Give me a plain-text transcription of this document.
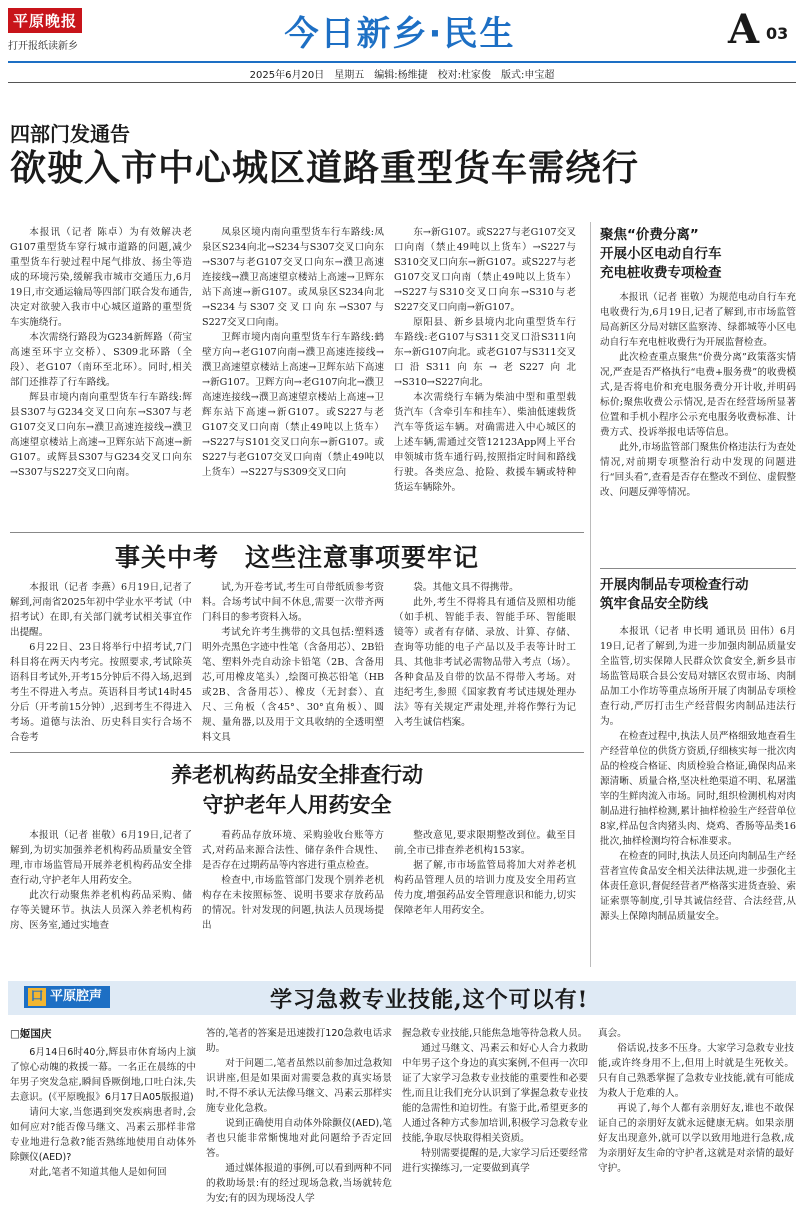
平原晚报
打开报纸读新乡	今日新乡·民生	A 03
2025年6月20日　星期五　编辑:杨维捷　校对:杜家俊　版式:申宝超
四部门发通告
欲驶入市中心城区道路重型货车需绕行

本报讯（记者 陈卓）为有效解决老G107重型货车穿行城市道路的问题,减少重型货车行驶过程中尾气排放、扬尘等造成的环境污染,缓解我市城市交通压力,6月19日,市交通运输局等四部门联合发布通告,决定对欲驶入我市中心城区道路的重型货车实施绕行。

本次需绕行路段为G234新辉路（荷宝高速至环宇立交桥）、S309北环路（全段）、老G107（南环至北环）。同时,相关部门还推荐了行车路线。

辉县市境内南向重型货车行车路线:辉县S307与G234交叉口向东→S307与老G107交叉口向东→濮卫高速连接线→濮卫高速望京楼站上高速→卫辉东站下高速→新G107。或辉县S307与G234交叉口向东→S307与S227交叉口向南。

凤泉区境内南向重型货车行车路线:凤泉区S234向北→S234与S307交叉口向东→S307与老G107交叉口向东→濮卫高速连接线→濮卫高速望京楼站上高速→卫辉东站下高速→新G107。或凤泉区S234向北→S234与S307交叉口向东→S307与S227交叉口向南。

卫辉市境内南向重型货车行车路线:鹤壁方向→老G107向南→濮卫高速连接线→濮卫高速望京楼站上高速→卫辉东站下高速→新G107。卫辉方向→老G107向北→濮卫高速连接线→濮卫高速望京楼站上高速→卫辉东站下高速→新G107。或S227与老G107交叉口向南（禁止49吨以上货车）→S227与S101交叉口向东→新G107。或S227与老G107交叉口向南（禁止49吨以上货车）→S227与S309交叉口向

东→新G107。或S227与老G107交叉口向南（禁止49吨以上货车）→S227与S310交叉口向东→新G107。或S227与老G107交叉口向南（禁止49吨以上货车）→S227与S310交叉口向东→S310与老S227交叉口向南→新G107。

原阳县、新乡县境内北向重型货车行车路线:老G107与S311交叉口沿S311向东→新G107向北。或老G107与S311交叉口沿S311向东→老S227向北→S310→S227向北。

本次需绕行车辆为柴油中型和重型载货汽车（含牵引车和挂车）、柴油低速载货汽车等货运车辆。对确需进入中心城区的上述车辆,需通过交管12123App网上平台申领城市货车通行码,按照指定时间和路线行驶。各类应急、抢险、救援车辆或特种货运车辆除外。

聚焦“价费分离”
开展小区电动自行车
充电桩收费专项检查

本报讯（记者 崔敬）为规范电动自行车充电收费行为,6月19日,记者了解到,市市场监管局高新区分局对辖区监察涛、绿都城等小区电动自行车充电桩收费行为开展监督检查。

此次检查重点聚焦“价费分离”政策落实情况,严查是否严格执行“电费+服务费”的收费模式,是否将电价和充电服务费分开计收,并明码标价;聚焦收费公示情况,是否在经营场所显著位置和手机小程序公示充电服务收费标准、计费方式、投诉举报电话等信息。

此外,市场监管部门聚焦价格违法行为查处情况,对前期专项整治行动中发现的问题进行“回头看”,查看是否存在整改不到位、虚假整改、问题反弹等情况。

事关中考　这些注意事项要牢记

本报讯（记者 李燕）6月19日,记者了解到,河南省2025年初中学业水平考试（中招考试）在即,有关部门就考试相关事宜作出提醒。

6月22日、23日将举行中招考试,7门科目将在两天内考完。按照要求,考试除英语科目考试外,开考15分钟后不得入场,迟到考生不得进入考点。英语科目考试14时45分后（开考前15分钟）,迟到考生不得进入考场。道德与法治、历史科目实行合场不合卷考

试,为开卷考试,考生可自带纸质参考资料。合场考试中间不休息,需要一次带齐两门科目的参考资料入场。

考试允许考生携带的文具包括:塑料透明外壳黑色字迹中性笔（含备用芯）、2B铅笔、塑料外壳自动涂卡铅笔（2B、含备用芯,可用橡皮笔头）,绘图可换芯铅笔（HB或2B、含备用芯）、橡皮（无封套）、直尺、三角板（含45°、30°直角板）、圆规、量角器,以及用于文具收纳的全透明塑料文具

袋。其他文具不得携带。

此外,考生不得将具有通信及照相功能（如手机、智能手表、智能手环、智能眼镜等）或者有存储、录放、计算、存储、查询等功能的电子产品以及手表等计时工具、其他非考试必需物品带入考点（场）。各种食品及自带的饮品不得带入考场。对违纪考生,参照《国家教育考试违规处理办法》等有关规定严肃处理,并将作弊行为记入考生诚信档案。

开展肉制品专项检查行动
筑牢食品安全防线

本报讯（记者 申长明 通讯员 田伟）6月19日,记者了解到,为进一步加强肉制品质量安全监管,切实保障人民群众饮食安全,新乡县市场监管局联合县公安局对辖区农贸市场、肉制品加工小作坊等重点场所开展了肉制品专项检查行动,严厉打击生产经营假劣肉制品违法行为。

在检查过程中,执法人员严格细致地查看生产经营单位的供货方资质,仔细核实每一批次肉品的检疫合格证、肉质检验合格证,确保肉品来源清晰、质量合格,坚决杜绝渠道不明、私屠滥宰的生鲜肉流入市场。同时,组织检测机构对肉制品进行抽样检测,累计抽样检验生产经营单位8家,样品包含肉猪头肉、烧鸡、香肠等品类16批次,抽样检测均符合标准要求。

在检查的同时,执法人员还向肉制品生产经营者宣传食品安全相关法律法规,进一步强化主体责任意识,督促经营者严格落实进货查验、索证索票等制度,引导其诚信经营、合法经营,从源头上保障肉制品质量安全。

养老机构药品安全排查行动
守护老年人用药安全

本报讯（记者 崔敬）6月19日,记者了解到,为切实加强养老机构药品质量安全管理,市市场监管局开展养老机构药品安全排查行动,守护老年人用药安全。

此次行动聚焦养老机构药品采购、储存等关键环节。执法人员深入养老机构药房、医务室,通过实地查

看药品存放环境、采购验收台账等方式,对药品来源合法性、储存条件合规性、是否存在过期药品等内容进行重点检查。

检查中,市场监管部门发现个别养老机构存在未按照标签、说明书要求存放药品的情况。针对发现的问题,执法人员现场提出

整改意见,要求限期整改到位。截至目前,全市已排查养老机构153家。

据了解,市市场监管局将加大对养老机构药品管理人员的培训力度及安全用药宣传力度,增强药品安全管理意识和能力,切实保障老年人用药安全。

平原腔声
口	学习急救专业技能,这个可以有!
□姬国庆

6月14日6时40分,辉县市休育场内上演了惊心动魄的救援一幕。一名正在晨练的中年男子突发急症,瞬间昏厥倒地,口吐白沫,失去意识。(《平原晚报》6月17日A05版报道)

请问大家,当您遇到突发疾病患者时,会如何应对?能否像马继文、冯素云那样非常专业地进行急救?能否熟练地使用自动体外除颤仪(AED)?

对此,笔者不知道其他人是如何回

答的,笔者的答案是迅速拨打120急救电话求助。

对于问题二,笔者虽然以前参加过急救知识讲座,但是如果面对需要急救的真实场景时,不得不承认无法像马继文、冯素云那样实施专业化急救。

说到正确使用自动体外除颤仪(AED),笔者也只能非常惭愧地对此问题给予否定回答。

通过媒体报道的事例,可以看到两种不同的救助场景:有的经过现场急救,当场就转危为安;有的因为现场没人学

握急救专业技能,只能焦急地等待急救人员。

通过马继文、冯素云和好心人合力救助中年男子这个身边的真实案例,不但再一次印证了大家学习急救专业技能的重要性和必要性,而且让我们充分认识到了掌握急救专业技能的急需性和迫切性。有鉴于此,希望更多的人通过各种方式参加培训,积极学习急救专业技能,争取尽快取得相关资质。

特别需要提醒的是,大家学习后还要经常进行实操练习,一定要做到真学

真会。

俗话说,技多不压身。大家学习急救专业技能,或许终身用不上,但用上时就是生死攸关。只有自己熟悉掌握了急救专业技能,就有可能成为救人于危难的人。

再说了,每个人都有亲朋好友,谁也不敢保证自己的亲朋好友就永远健康无病。如果亲朋好友出现意外,就可以学以致用地进行急救,成为亲朋好友生命的守护者,这就是对亲情的最好守护。
